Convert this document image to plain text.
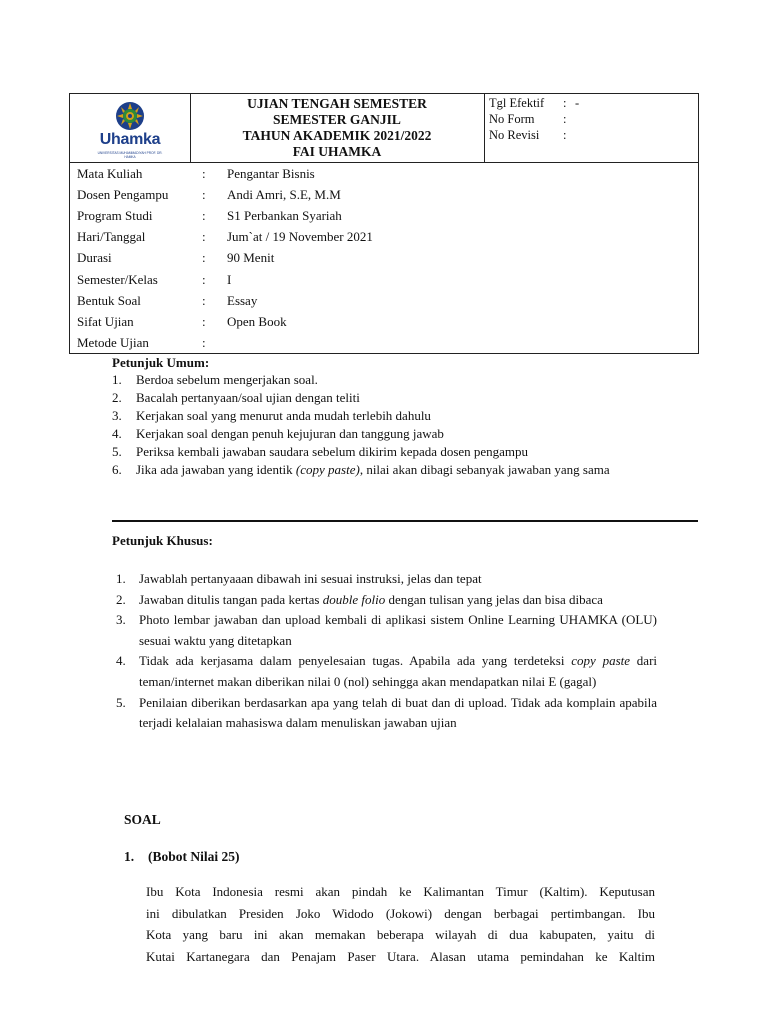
Uhamka
UNIVERSITAS MUHAMMADIYAH PROF. DR. HAMKA
UJIAN TENGAH SEMESTER
SEMESTER GANJIL
TAHUN AKADEMIK 2021/2022
FAI UHAMKA
Tgl Efektif	: -
No Form	:
No Revisi	:
Mata Kuliah	: Pengantar Bisnis
Dosen Pengampu	: Andi Amri, S.E, M.M
Program Studi	: S1 Perbankan Syariah
Hari/Tanggal	: Jum`at / 19 November 2021
Durasi	: 90 Menit
Semester/Kelas	: I
Bentuk Soal	: Essay
Sifat Ujian	: Open Book
Metode Ujian	:
Petunjuk Umum:
1. Berdoa sebelum mengerjakan soal.
2. Bacalah pertanyaan/soal ujian dengan teliti
3. Kerjakan soal yang menurut anda mudah terlebih dahulu
4. Kerjakan soal dengan penuh kejujuran dan tanggung jawab
5. Periksa kembali jawaban saudara sebelum dikirim kepada dosen pengampu
6. Jika ada jawaban yang identik (copy paste), nilai akan dibagi sebanyak jawaban yang sama
Petunjuk Khusus:
1. Jawablah pertanyaaan dibawah ini sesuai instruksi, jelas dan tepat
2. Jawaban ditulis tangan pada kertas double folio dengan tulisan yang jelas dan bisa dibaca
3. Photo lembar jawaban dan upload kembali di aplikasi sistem Online Learning UHAMKA (OLU) sesuai waktu yang ditetapkan
4. Tidak ada kerjasama dalam penyelesaian tugas. Apabila ada yang terdeteksi copy paste dari teman/internet makan diberikan nilai 0 (nol) sehingga akan mendapatkan nilai E (gagal)
5. Penilaian diberikan berdasarkan apa yang telah di buat dan di upload. Tidak ada komplain apabila terjadi kelalaian mahasiswa dalam menuliskan jawaban ujian
SOAL
1. (Bobot Nilai 25)
Ibu Kota Indonesia resmi akan pindah ke Kalimantan Timur (Kaltim). Keputusan
ini dibulatkan Presiden Joko Widodo (Jokowi) dengan berbagai pertimbangan. Ibu
Kota yang baru ini akan memakan beberapa wilayah di dua kabupaten, yaitu di
Kutai Kartanegara dan Penajam Paser Utara. Alasan utama pemindahan ke Kaltim
